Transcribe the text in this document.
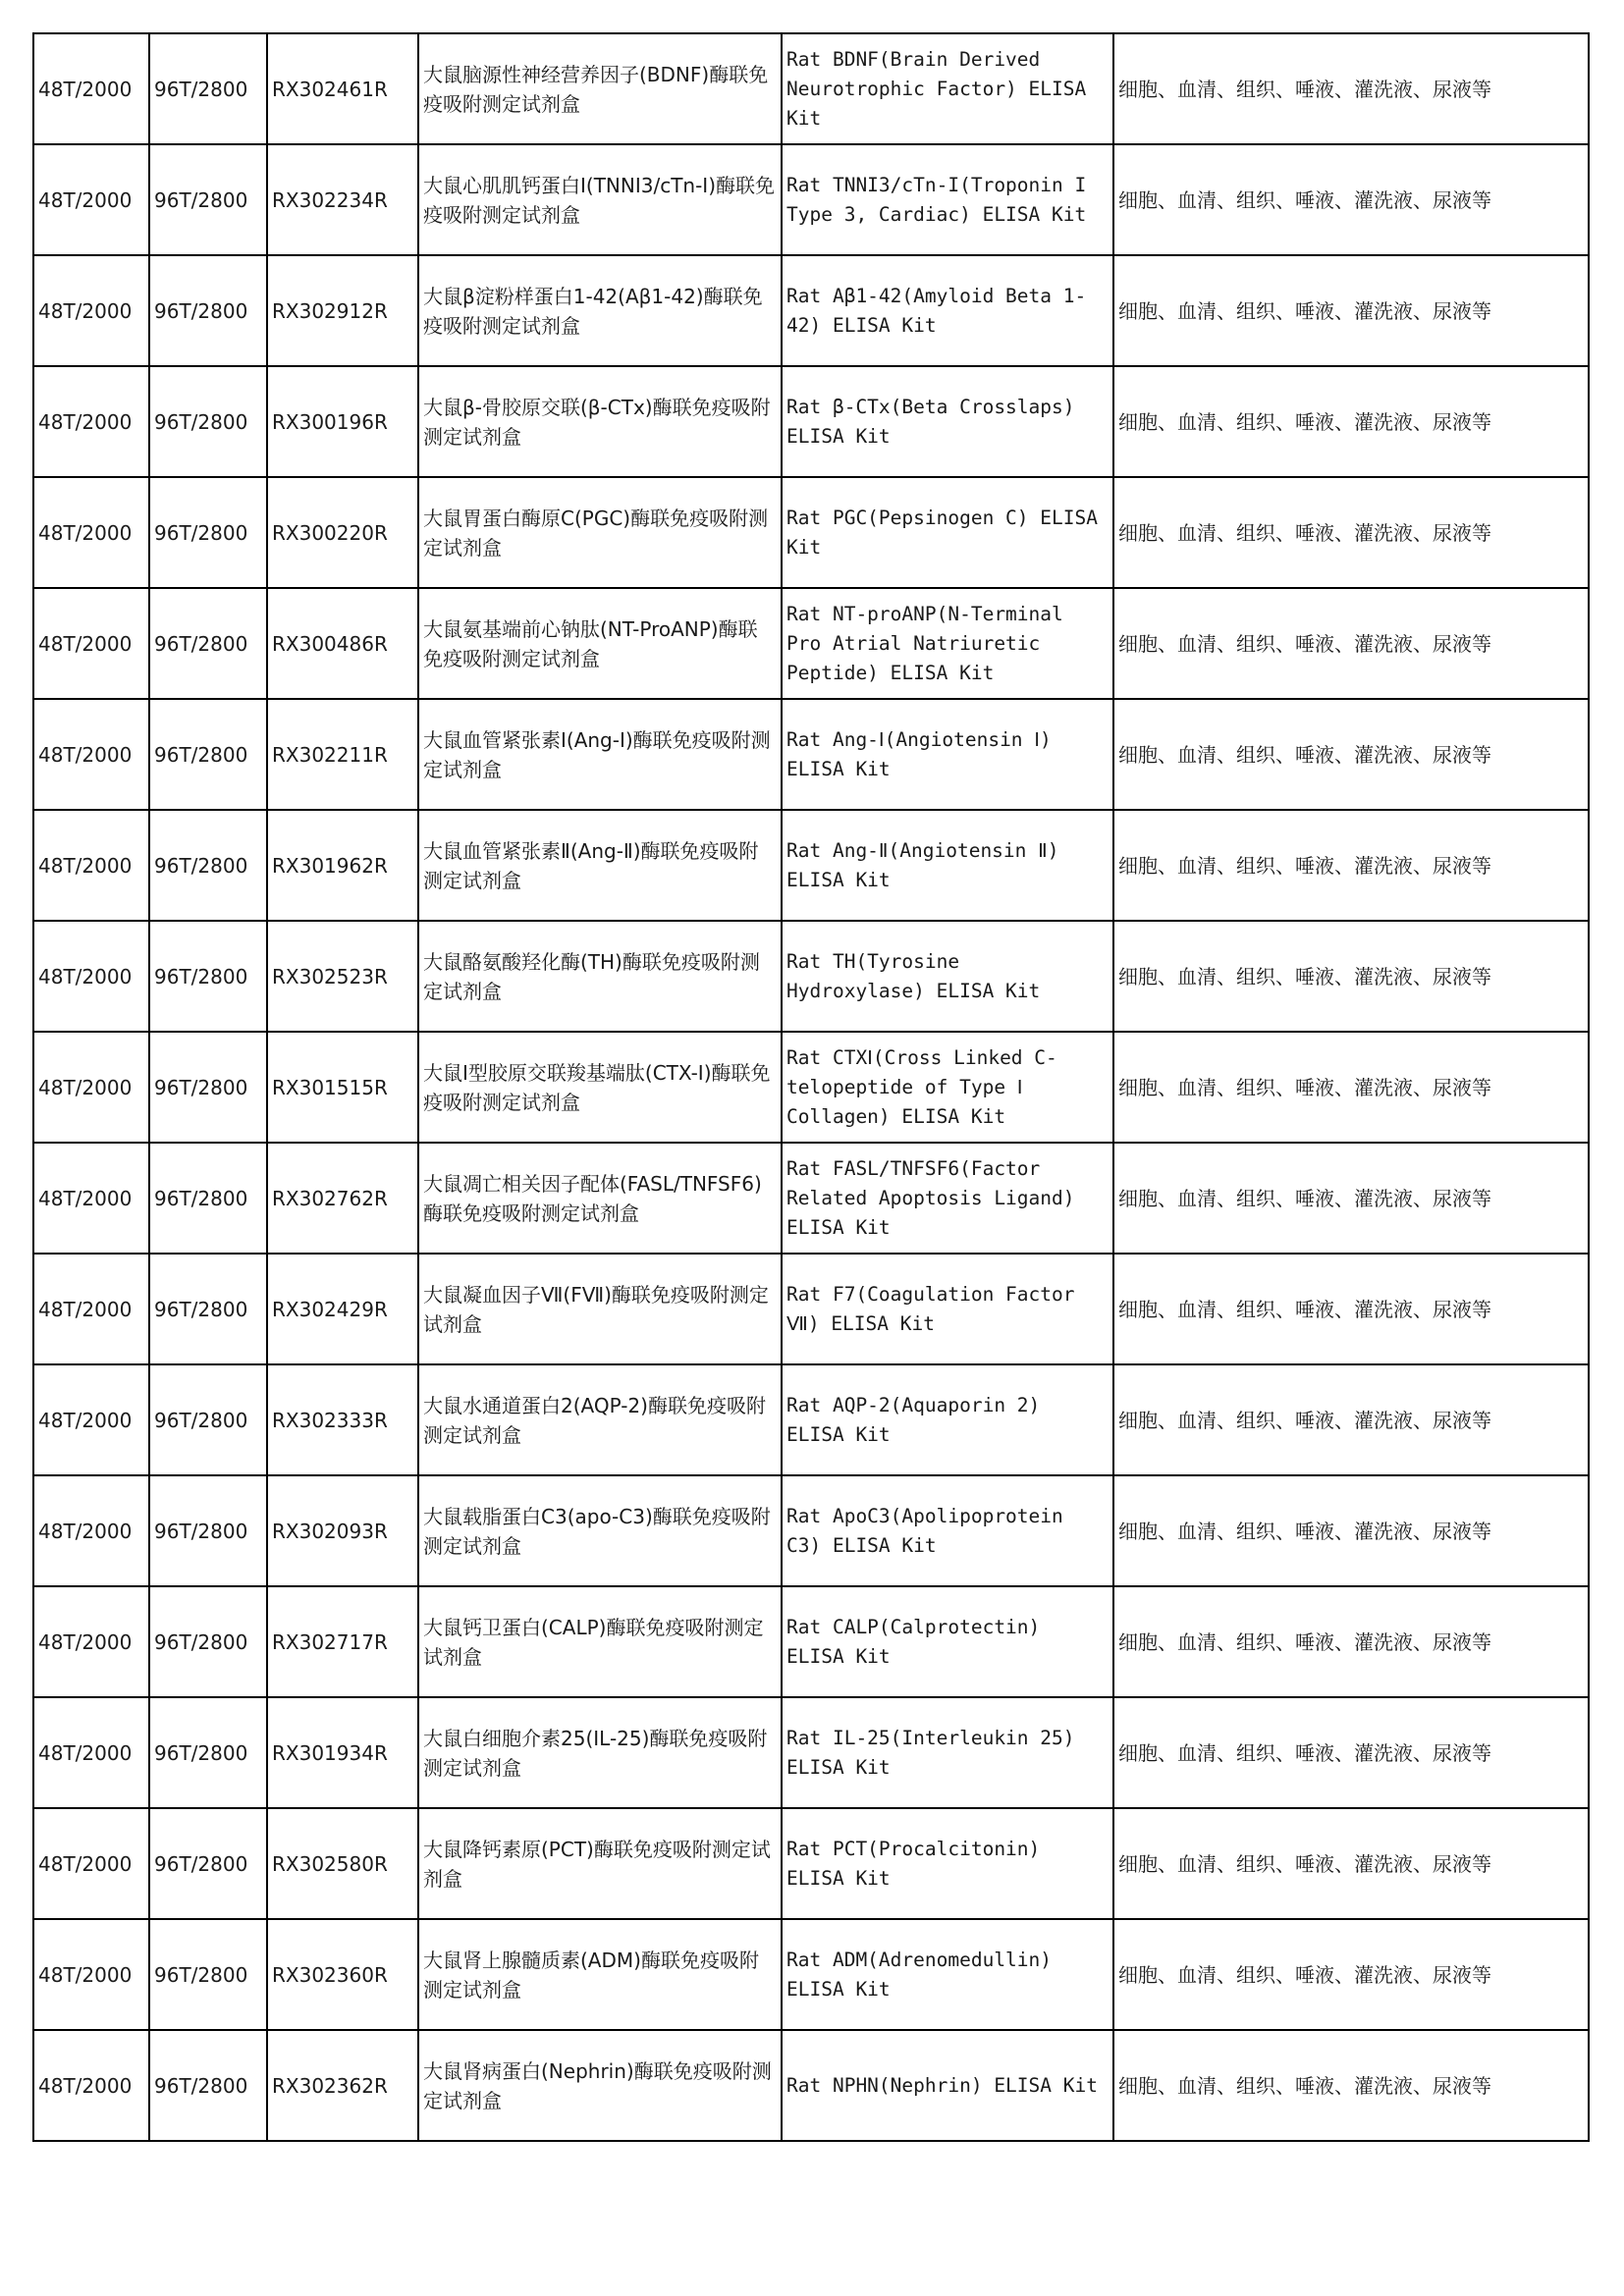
48T/2000	96T/2800	RX302461R	大鼠脑源性神经营养因子(BDNF)酶联免疫吸附测定试剂盒	Rat BDNF(Brain Derived Neurotrophic Factor) ELISA Kit	细胞、血清、组织、唾液、灌洗液、尿液等
48T/2000	96T/2800	RX302234R	大鼠心肌肌钙蛋白Ⅰ(TNNI3/cTn-I)酶联免疫吸附测定试剂盒	Rat TNNI3/cTn-I(Troponin I Type 3, Cardiac) ELISA Kit	细胞、血清、组织、唾液、灌洗液、尿液等
48T/2000	96T/2800	RX302912R	大鼠β淀粉样蛋白1-42(Aβ1-42)酶联免疫吸附测定试剂盒	Rat Aβ1-42(Amyloid Beta 1-42) ELISA Kit	细胞、血清、组织、唾液、灌洗液、尿液等
48T/2000	96T/2800	RX300196R	大鼠β-骨胶原交联(β-CTx)酶联免疫吸附测定试剂盒	Rat β-CTx(Beta Crosslaps) ELISA Kit	细胞、血清、组织、唾液、灌洗液、尿液等
48T/2000	96T/2800	RX300220R	大鼠胃蛋白酶原C(PGC)酶联免疫吸附测定试剂盒	Rat PGC(Pepsinogen C) ELISA Kit	细胞、血清、组织、唾液、灌洗液、尿液等
48T/2000	96T/2800	RX300486R	大鼠氨基端前心钠肽(NT-ProANP)酶联免疫吸附测定试剂盒	Rat NT-proANP(N-Terminal Pro Atrial Natriuretic Peptide) ELISA Kit	细胞、血清、组织、唾液、灌洗液、尿液等
48T/2000	96T/2800	RX302211R	大鼠血管紧张素Ⅰ(Ang-Ⅰ)酶联免疫吸附测定试剂盒	Rat Ang-Ⅰ(Angiotensin Ⅰ) ELISA Kit	细胞、血清、组织、唾液、灌洗液、尿液等
48T/2000	96T/2800	RX301962R	大鼠血管紧张素Ⅱ(Ang-Ⅱ)酶联免疫吸附测定试剂盒	Rat Ang-Ⅱ(Angiotensin Ⅱ) ELISA Kit	细胞、血清、组织、唾液、灌洗液、尿液等
48T/2000	96T/2800	RX302523R	大鼠酪氨酸羟化酶(TH)酶联免疫吸附测定试剂盒	Rat TH(Tyrosine Hydroxylase) ELISA Kit	细胞、血清、组织、唾液、灌洗液、尿液等
48T/2000	96T/2800	RX301515R	大鼠Ⅰ型胶原交联羧基端肽(CTX-Ⅰ)酶联免疫吸附测定试剂盒	Rat CTXⅠ(Cross Linked C-telopeptide of Type Ⅰ Collagen) ELISA Kit	细胞、血清、组织、唾液、灌洗液、尿液等
48T/2000	96T/2800	RX302762R	大鼠凋亡相关因子配体(FASL/TNFSF6)酶联免疫吸附测定试剂盒	Rat FASL/TNFSF6(Factor Related Apoptosis Ligand) ELISA Kit	细胞、血清、组织、唾液、灌洗液、尿液等
48T/2000	96T/2800	RX302429R	大鼠凝血因子Ⅶ(FⅦ)酶联免疫吸附测定试剂盒	Rat F7(Coagulation Factor Ⅶ) ELISA Kit	细胞、血清、组织、唾液、灌洗液、尿液等
48T/2000	96T/2800	RX302333R	大鼠水通道蛋白2(AQP-2)酶联免疫吸附测定试剂盒	Rat AQP-2(Aquaporin 2) ELISA Kit	细胞、血清、组织、唾液、灌洗液、尿液等
48T/2000	96T/2800	RX302093R	大鼠载脂蛋白C3(apo-C3)酶联免疫吸附测定试剂盒	Rat ApoC3(Apolipoprotein C3) ELISA Kit	细胞、血清、组织、唾液、灌洗液、尿液等
48T/2000	96T/2800	RX302717R	大鼠钙卫蛋白(CALP)酶联免疫吸附测定试剂盒	Rat CALP(Calprotectin) ELISA Kit	细胞、血清、组织、唾液、灌洗液、尿液等
48T/2000	96T/2800	RX301934R	大鼠白细胞介素25(IL-25)酶联免疫吸附测定试剂盒	Rat IL-25(Interleukin 25) ELISA Kit	细胞、血清、组织、唾液、灌洗液、尿液等
48T/2000	96T/2800	RX302580R	大鼠降钙素原(PCT)酶联免疫吸附测定试剂盒	Rat PCT(Procalcitonin) ELISA Kit	细胞、血清、组织、唾液、灌洗液、尿液等
48T/2000	96T/2800	RX302360R	大鼠肾上腺髓质素(ADM)酶联免疫吸附测定试剂盒	Rat ADM(Adrenomedullin) ELISA Kit	细胞、血清、组织、唾液、灌洗液、尿液等
48T/2000	96T/2800	RX302362R	大鼠肾病蛋白(Nephrin)酶联免疫吸附测定试剂盒	Rat NPHN(Nephrin) ELISA Kit	细胞、血清、组织、唾液、灌洗液、尿液等
